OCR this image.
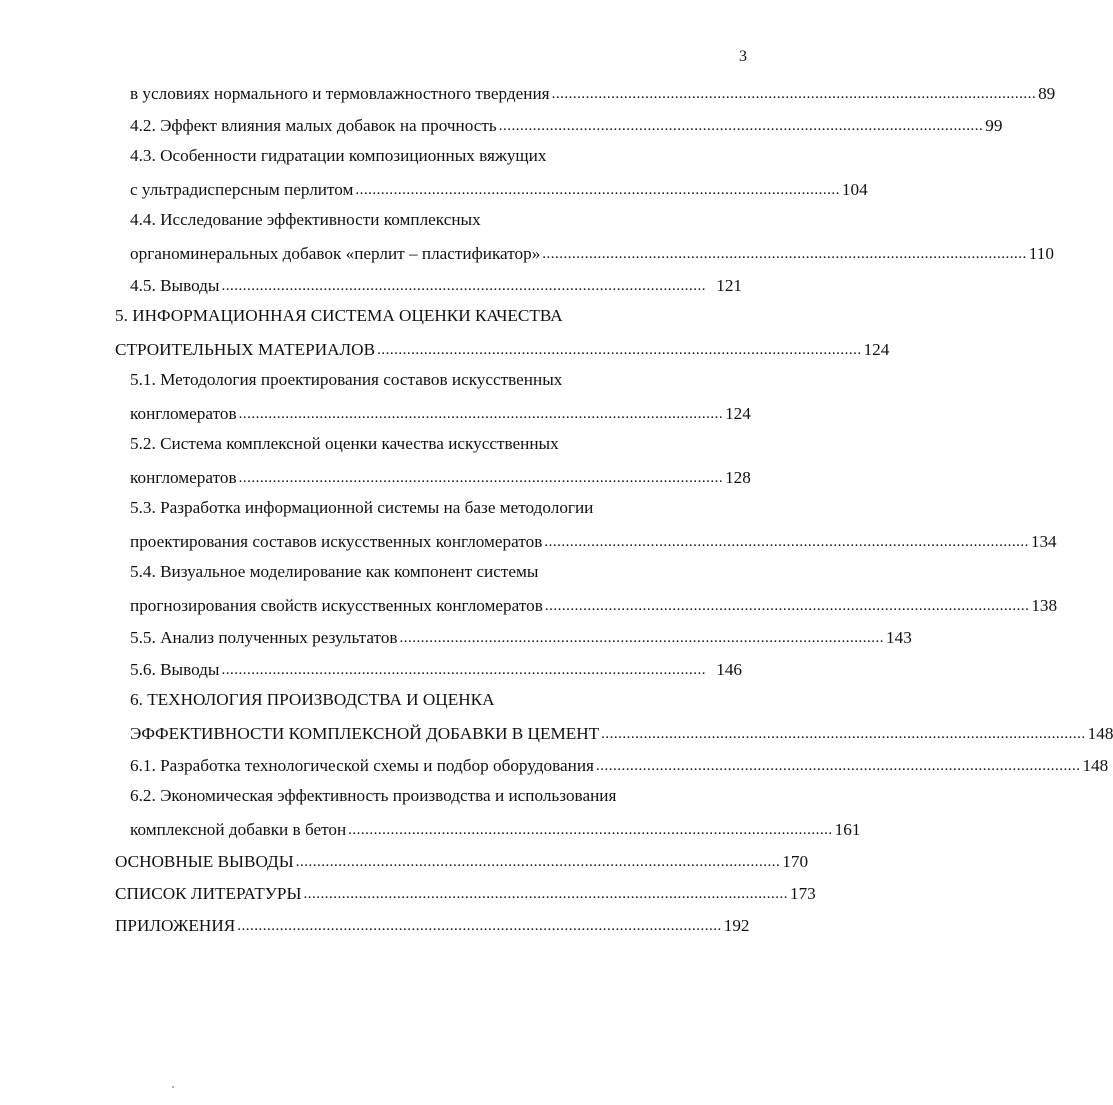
3
в условиях нормального и термовлажностного твердения .................................................................................................................. 89
4.2. Эффект влияния малых добавок на прочность .................................................................................................................. 99
4.3. Особенности гидратации композиционных вяжущих
с ультрадисперсным перлитом .................................................................................................................. 104
4.4. Исследование эффективности комплексных
органоминеральных добавок «перлит – пластификатор» .................................................................................................................. 110
4.5. Выводы .................................................................................................................. 121
5. ИНФОРМАЦИОННАЯ СИСТЕМА ОЦЕНКИ КАЧЕСТВА
СТРОИТЕЛЬНЫХ МАТЕРИАЛОВ .................................................................................................................. 124
5.1. Методология проектирования составов искусственных
конгломератов .................................................................................................................. 124
5.2. Система комплексной оценки качества искусственных
конгломератов .................................................................................................................. 128
5.3. Разработка информационной системы на базе методологии
проектирования составов искусственных конгломератов .................................................................................................................. 134
5.4. Визуальное моделирование как компонент системы
прогнозирования свойств искусственных конгломератов .................................................................................................................. 138
5.5. Анализ полученных результатов .................................................................................................................. 143
5.6. Выводы .................................................................................................................. 146
6. ТЕХНОЛОГИЯ ПРОИЗВОДСТВА И ОЦЕНКА
ЭФФЕКТИВНОСТИ КОМПЛЕКСНОЙ ДОБАВКИ В ЦЕМЕНТ .................................................................................................................. 148
6.1. Разработка технологической схемы и подбор оборудования .................................................................................................................. 148
6.2. Экономическая эффективность производства и использования
комплексной добавки в бетон .................................................................................................................. 161
ОСНОВНЫЕ ВЫВОДЫ .................................................................................................................. 170
СПИСОК ЛИТЕРАТУРЫ .................................................................................................................. 173
ПРИЛОЖЕНИЯ .................................................................................................................. 192
